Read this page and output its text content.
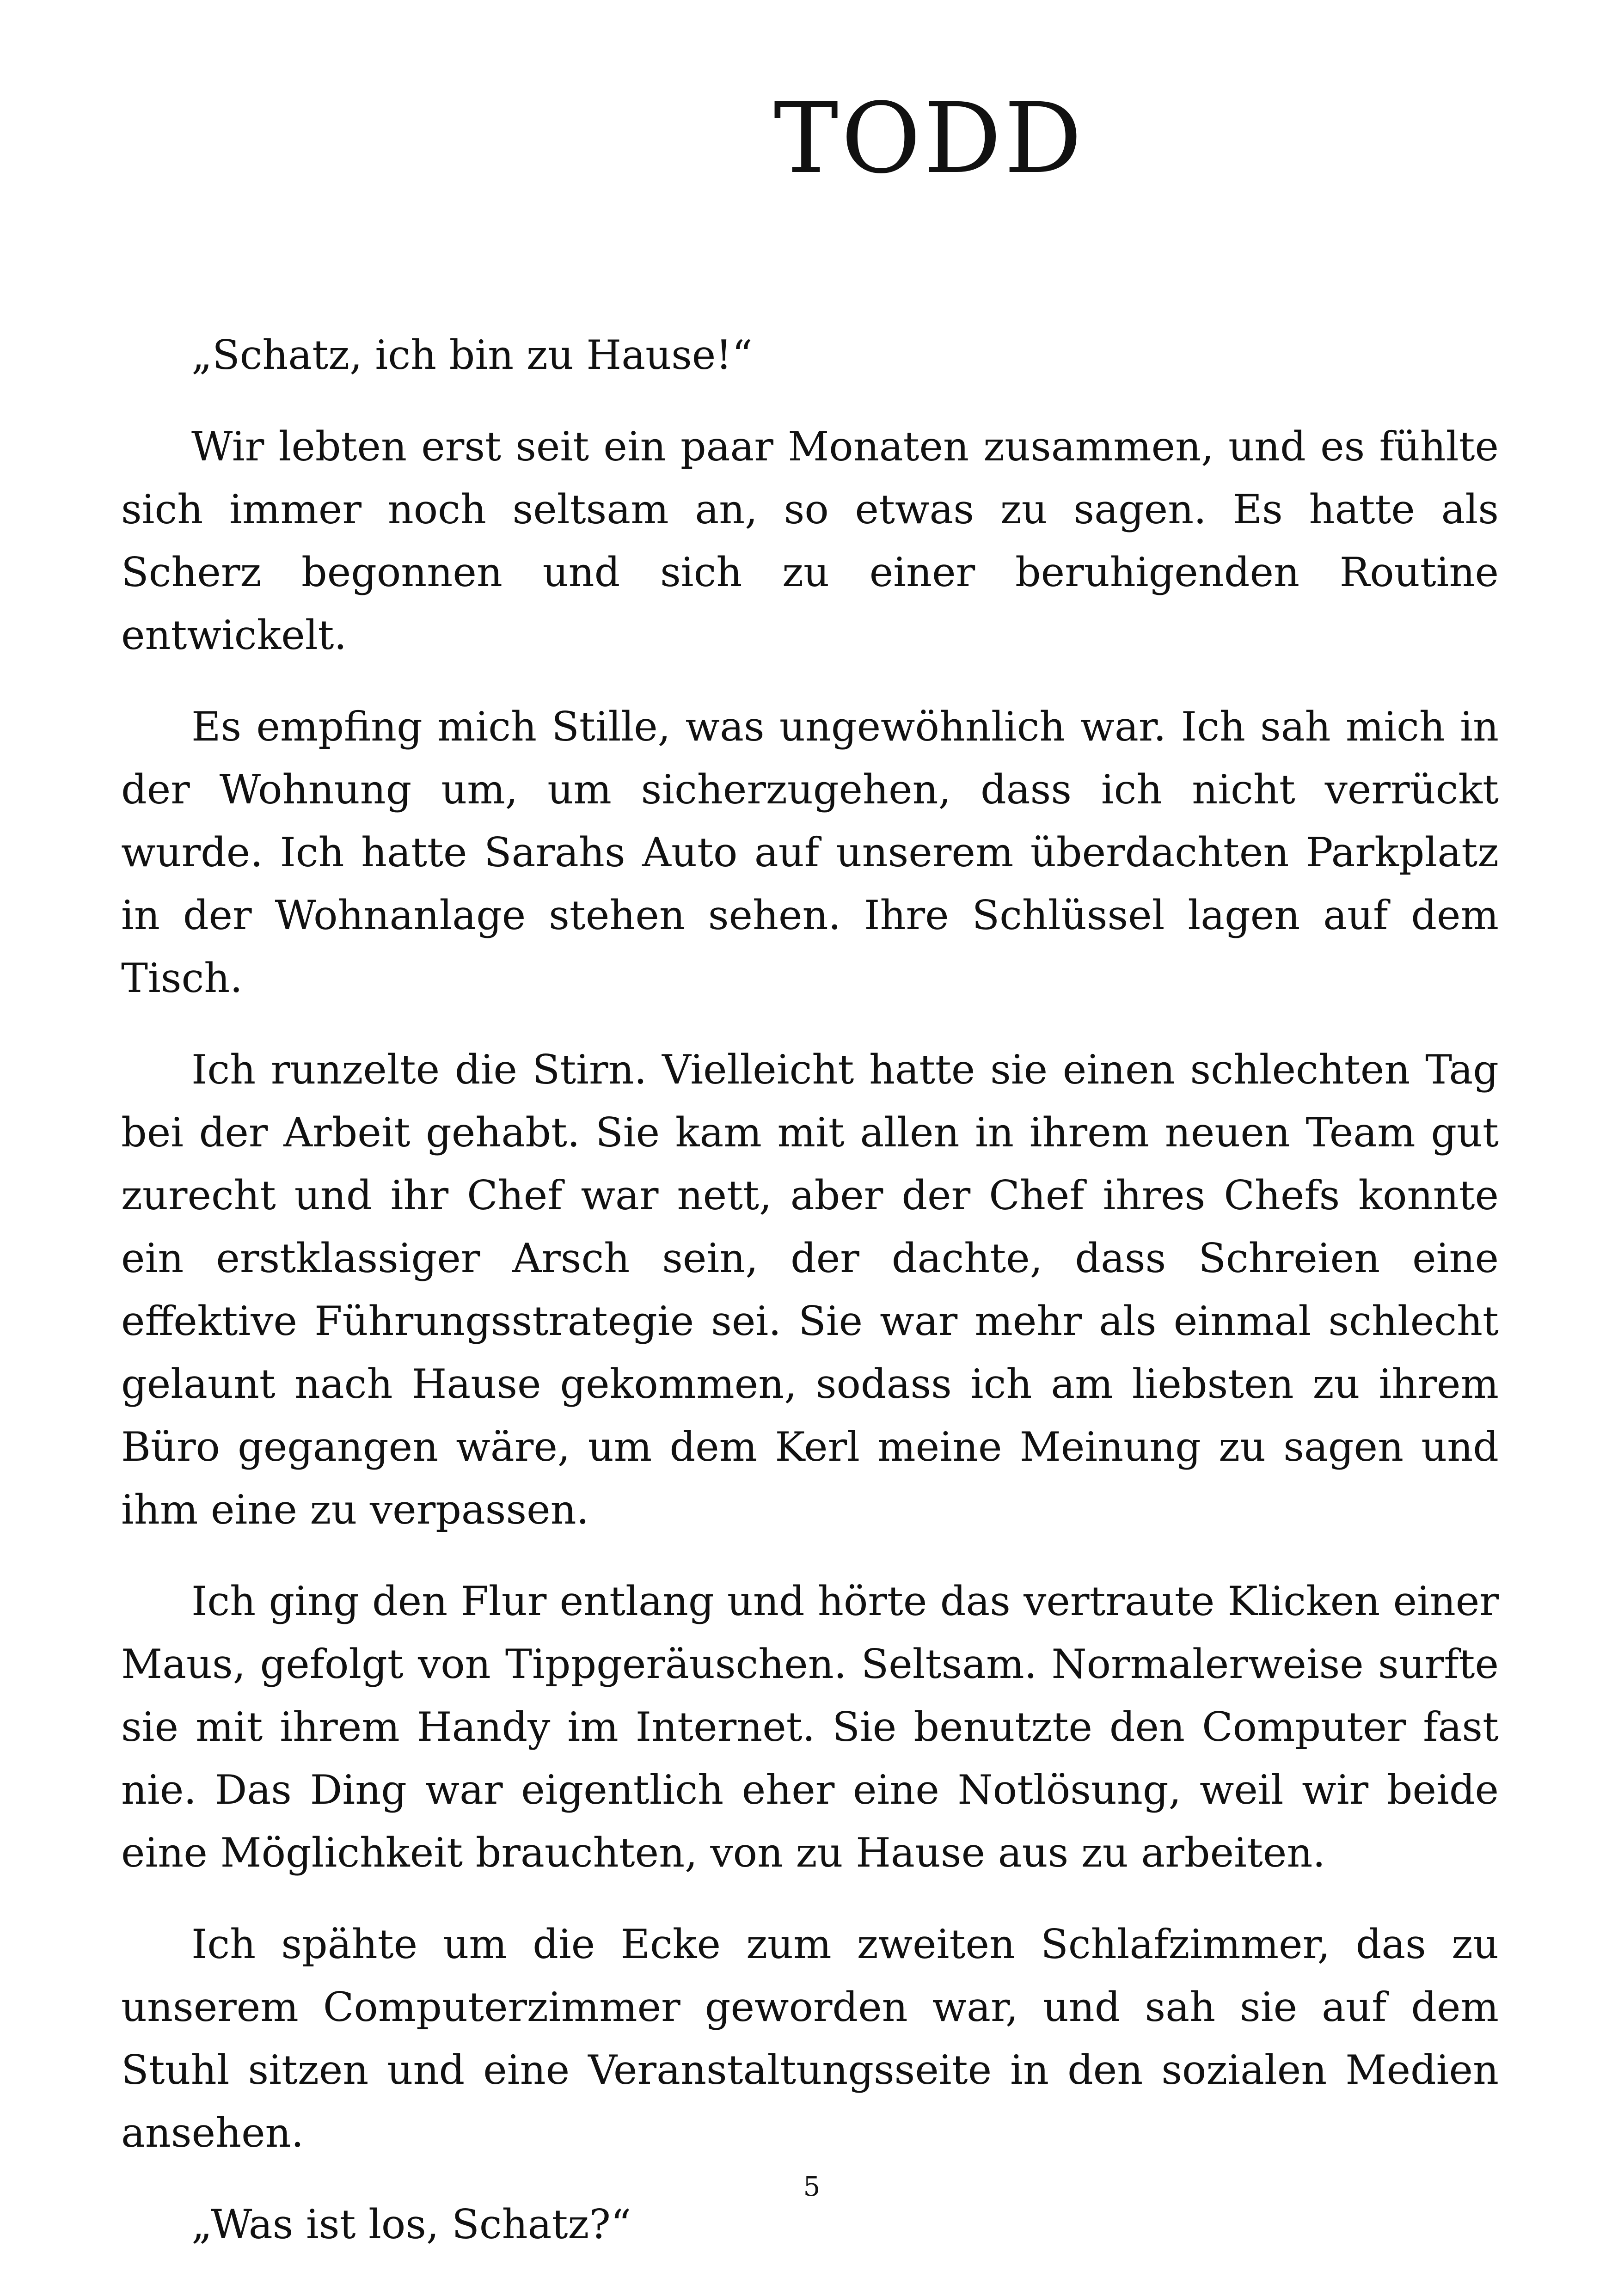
TODD

„Schatz, ich bin zu Hause!“

Wir lebten erst seit ein paar Monaten zusammen, und es fühlte sich immer noch seltsam an, so etwas zu sagen. Es hatte als Scherz begonnen und sich zu einer beruhigenden Routine entwickelt.

Es empfing mich Stille, was ungewöhnlich war. Ich sah mich in der Wohnung um, um sicherzugehen, dass ich nicht verrückt wurde. Ich hatte Sarahs Auto auf unserem überdachten Parkplatz in der Wohnanlage stehen sehen. Ihre Schlüssel lagen auf dem Tisch.

Ich runzelte die Stirn. Vielleicht hatte sie einen schlechten Tag bei der Arbeit gehabt. Sie kam mit allen in ihrem neuen Team gut zurecht und ihr Chef war nett, aber der Chef ihres Chefs konnte ein erstklassiger Arsch sein, der dachte, dass Schreien eine effektive Führungsstrategie sei. Sie war mehr als einmal schlecht gelaunt nach Hause gekommen, sodass ich am liebsten zu ihrem Büro gegangen wäre, um dem Kerl meine Meinung zu sagen und ihm eine zu verpassen.

Ich ging den Flur entlang und hörte das vertraute Klicken einer Maus, gefolgt von Tippgeräuschen. Seltsam. Normalerweise surfte sie mit ihrem Handy im Internet. Sie benutzte den Computer fast nie. Das Ding war eigentlich eher eine Notlösung, weil wir beide eine Möglichkeit brauchten, von zu Hause aus zu arbeiten.

Ich spähte um die Ecke zum zweiten Schlafzimmer, das zu unserem Computerzimmer geworden war, und sah sie auf dem Stuhl sitzen und eine Veranstaltungsseite in den sozialen Medien ansehen.

„Was ist los, Schatz?“

5
